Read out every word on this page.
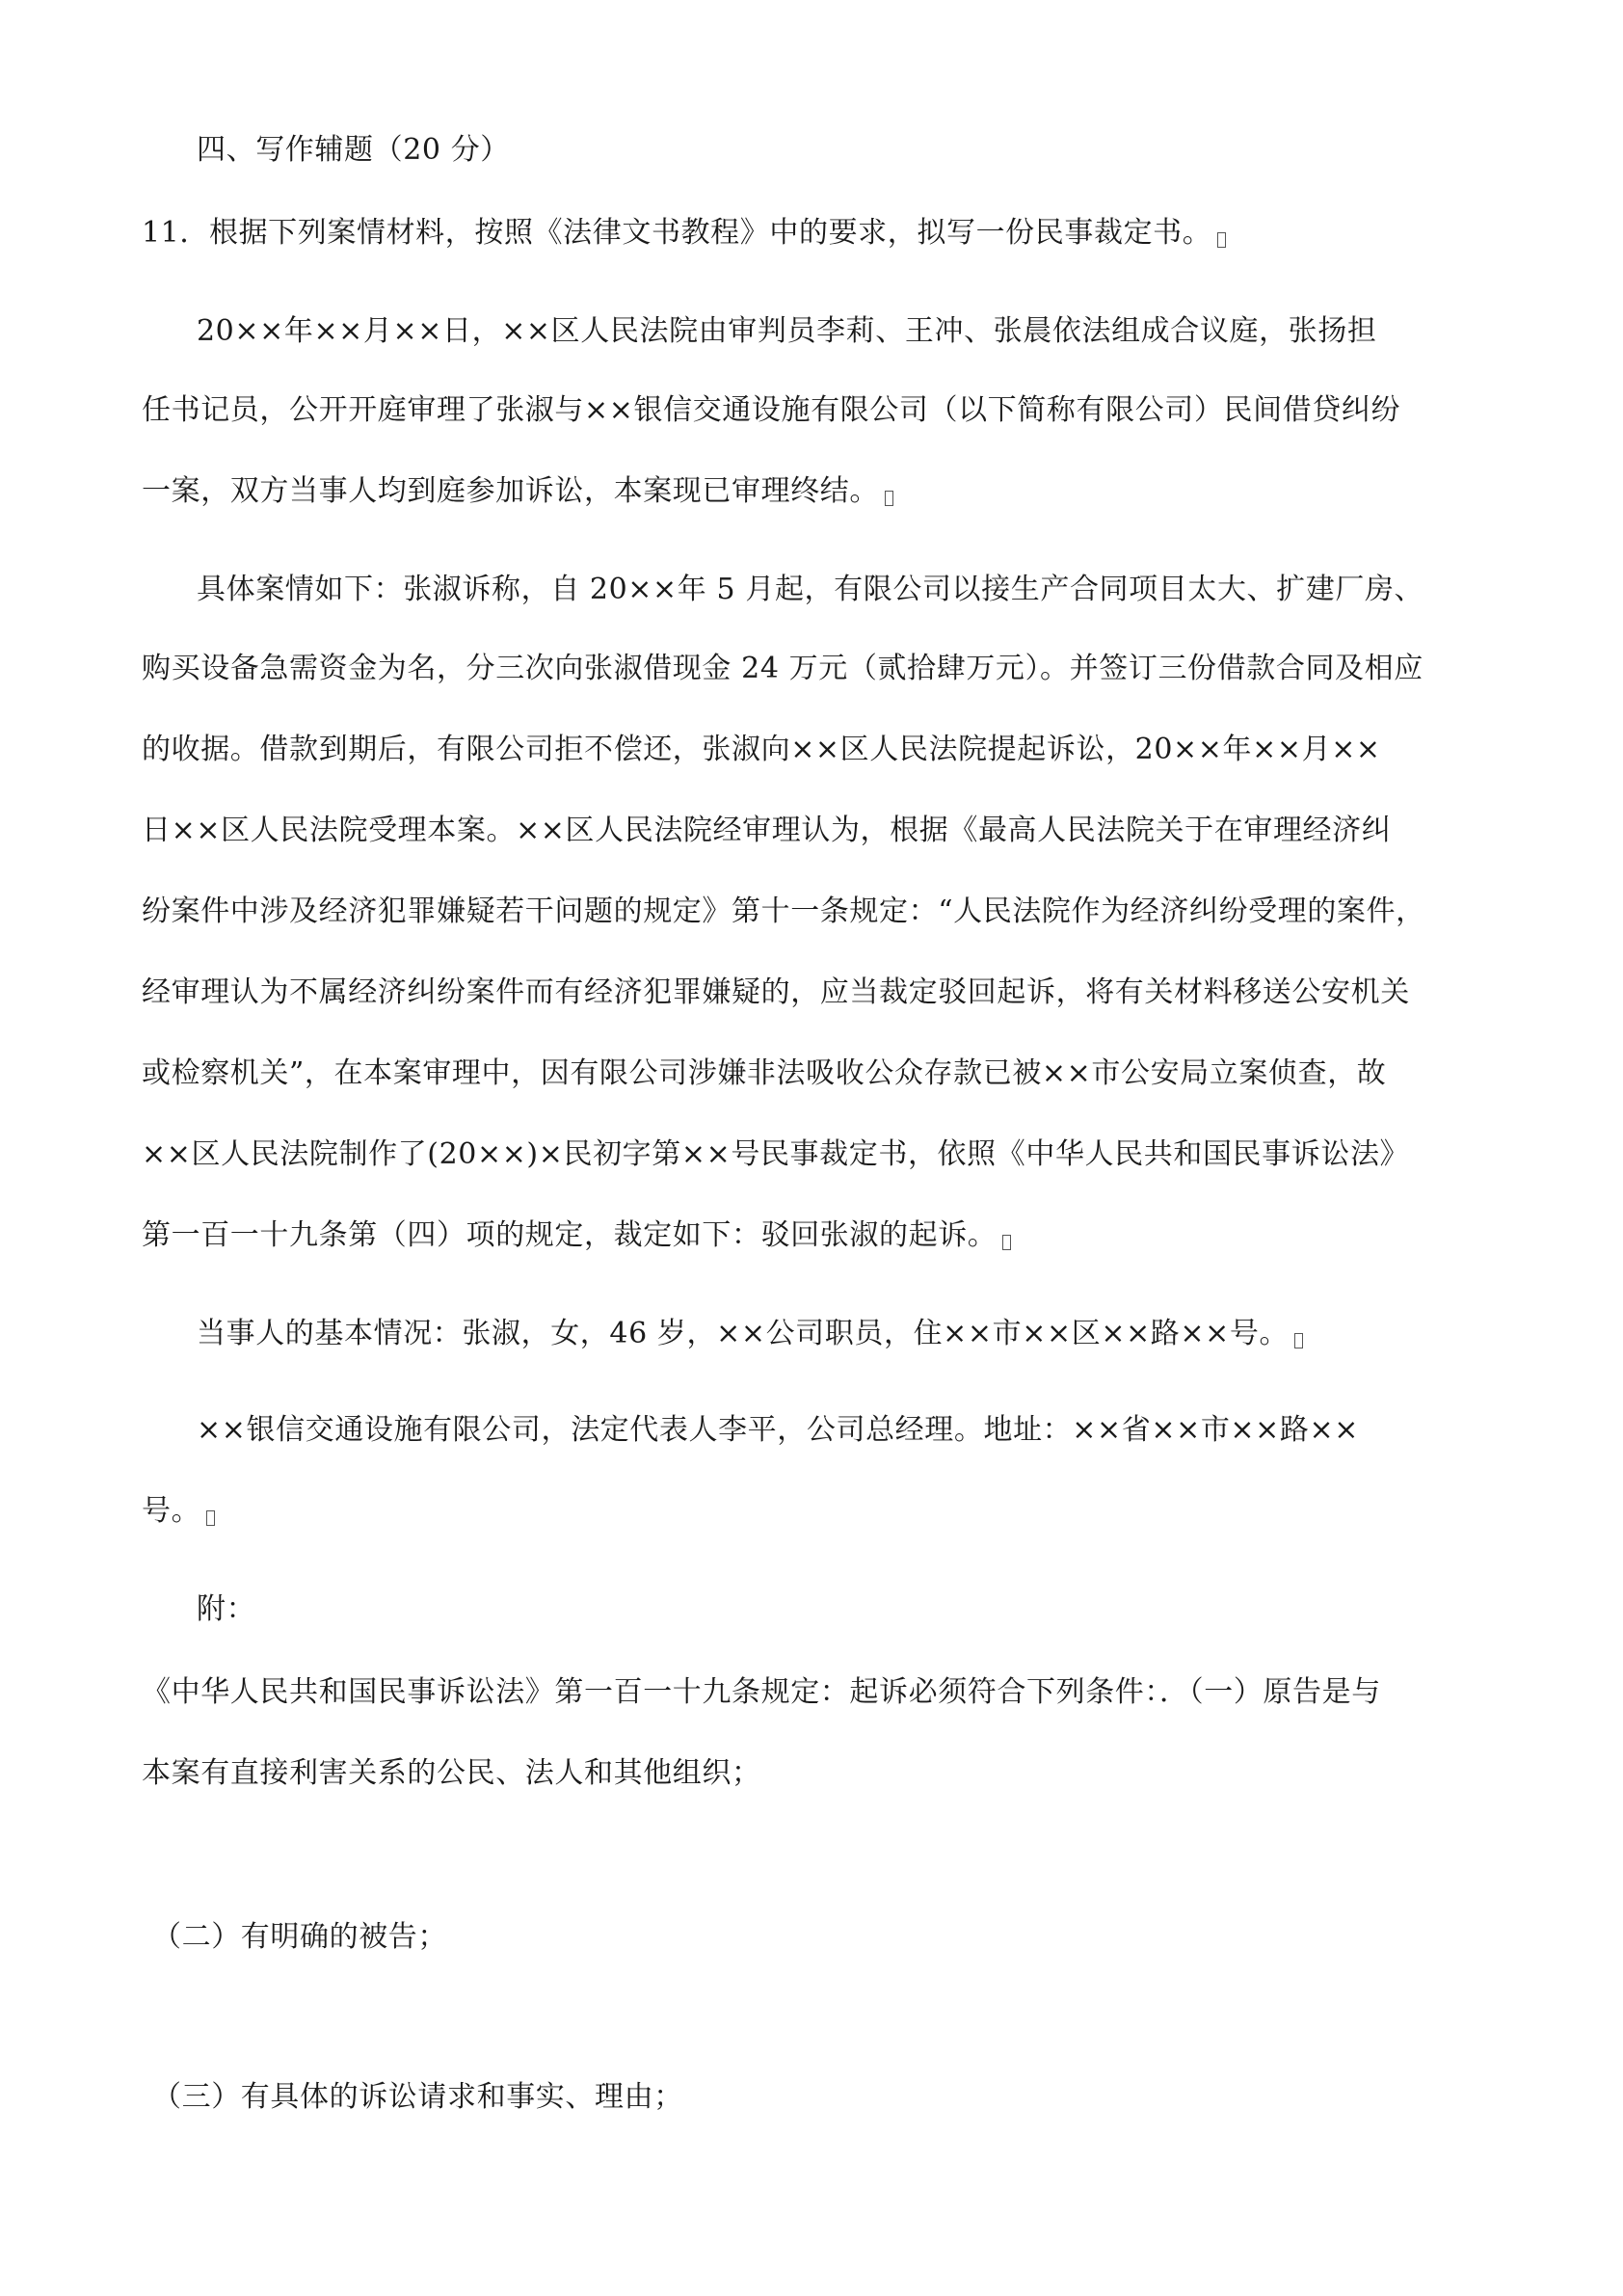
四、写作辅题（20 分）
11．根据下列案情材料，按照《法律文书教程》中的要求，拟写一份民事裁定书。
20××年××月××日，××区人民法院由审判员李莉、王冲、张晨依法组成合议庭，张扬担
任书记员，公开开庭审理了张淑与××银信交通设施有限公司（以下简称有限公司）民间借贷纠纷
一案，双方当事人均到庭参加诉讼，本案现已审理终结。
具体案情如下：张淑诉称，自 20××年 5 月起，有限公司以接生产合同项目太大、扩建厂房、
购买设备急需资金为名，分三次向张淑借现金 24 万元（贰拾肆万元）。并签订三份借款合同及相应
的收据。借款到期后，有限公司拒不偿还，张淑向××区人民法院提起诉讼，20××年××月××
日××区人民法院受理本案。××区人民法院经审理认为，根据《最高人民法院关于在审理经济纠
纷案件中涉及经济犯罪嫌疑若干问题的规定》第十一条规定：“人民法院作为经济纠纷受理的案件，
经审理认为不属经济纠纷案件而有经济犯罪嫌疑的，应当裁定驳回起诉，将有关材料移送公安机关
或检察机关”，在本案审理中，因有限公司涉嫌非法吸收公众存款已被××市公安局立案侦查，故
××区人民法院制作了(20××)×民初字第××号民事裁定书，依照《中华人民共和国民事诉讼法》
第一百一十九条第（四）项的规定，裁定如下：驳回张淑的起诉。
当事人的基本情况：张淑，女，46 岁，××公司职员，住××市××区××路××号。
××银信交通设施有限公司，法定代表人李平，公司总经理。地址：××省××市××路××
号。
附：
《中华人民共和国民事诉讼法》第一百一十九条规定：起诉必须符合下列条件：．（一）原告是与
本案有直接利害关系的公民、法人和其他组织；
（二）有明确的被告；
（三）有具体的诉讼请求和事实、理由；
